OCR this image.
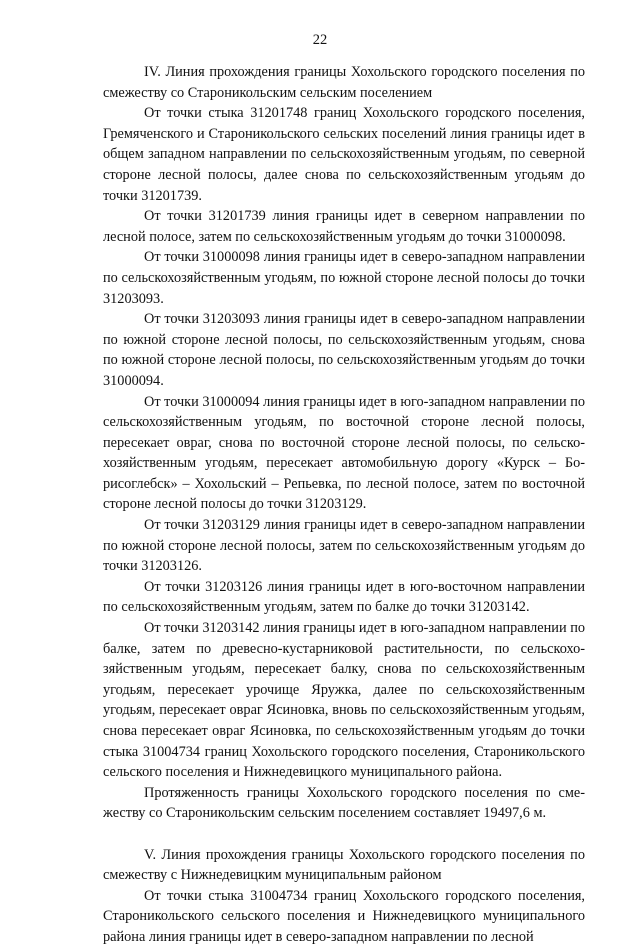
22

IV. Линия прохождения границы Хохольского городского поселения по смежеству со Староникольским сельским поселением

От точки стыка 31201748 границ Хохольского городского поселения, Гремяченского и Староникольского сельских поселений линия границы идет в общем западном направлении по сельскохозяйственным угодьям, по северной стороне лесной полосы, далее снова по сельскохозяйственным угодьям до точки 31201739.

От точки 31201739 линия границы идет в северном направлении по лесной полосе, затем по сельскохозяйственным угодьям до точки 31000098.

От точки 31000098 линия границы идет в северо-западном направлении по сельскохозяйственным угодьям, по южной стороне лесной полосы до точки 31203093.

От точки 31203093 линия границы идет в северо-западном направлении по южной стороне лесной полосы, по сельскохозяйственным угодьям, снова по южной стороне лесной полосы, по сельскохозяйственным угодьям до точки 31000094.

От точки 31000094 линия границы идет в юго-западном направлении по сельскохозяйственным угодьям, по восточной стороне лесной полосы, пересекает овраг, снова по восточной стороне лесной полосы, по сельскохозяйственным угодьям, пересекает автомобильную дорогу «Курск – Борисоглебск» – Хохольский – Репьевка, по лесной полосе, затем по восточной стороне лесной полосы до точки 31203129.

От точки 31203129 линия границы идет в северо-западном направлении по южной стороне лесной полосы, затем по сельскохозяйственным угодьям до точки 31203126.

От точки 31203126 линия границы идет в юго-восточном направлении по сельскохозяйственным угодьям, затем по балке до точки 31203142.

От точки 31203142 линия границы идет в юго-западном направлении по балке, затем по древесно-кустарниковой растительности, по сельскохозяйственным угодьям, пересекает балку, снова по сельскохозяйственным угодьям, пересекает урочище Яружка, далее по сельскохозяйственным угодьям, пересекает овраг Ясиновка, вновь по сельскохозяйственным угодьям, снова пересекает овраг Ясиновка, по сельскохозяйственным угодьям до точки стыка 31004734 границ Хохольского городского поселения, Староникольского сельского поселения и Нижнедевицкого муниципального района.

Протяженность границы Хохольского городского поселения по смежеству со Староникольским сельским поселением составляет 19497,6 м.

V. Линия прохождения границы Хохольского городского поселения по смежеству с Нижнедевицким муниципальным районом

От точки стыка 31004734 границ Хохольского городского поселения, Староникольского сельского поселения и Нижнедевицкого муниципального района линия границы идет в северо-западном направлении по лесной
